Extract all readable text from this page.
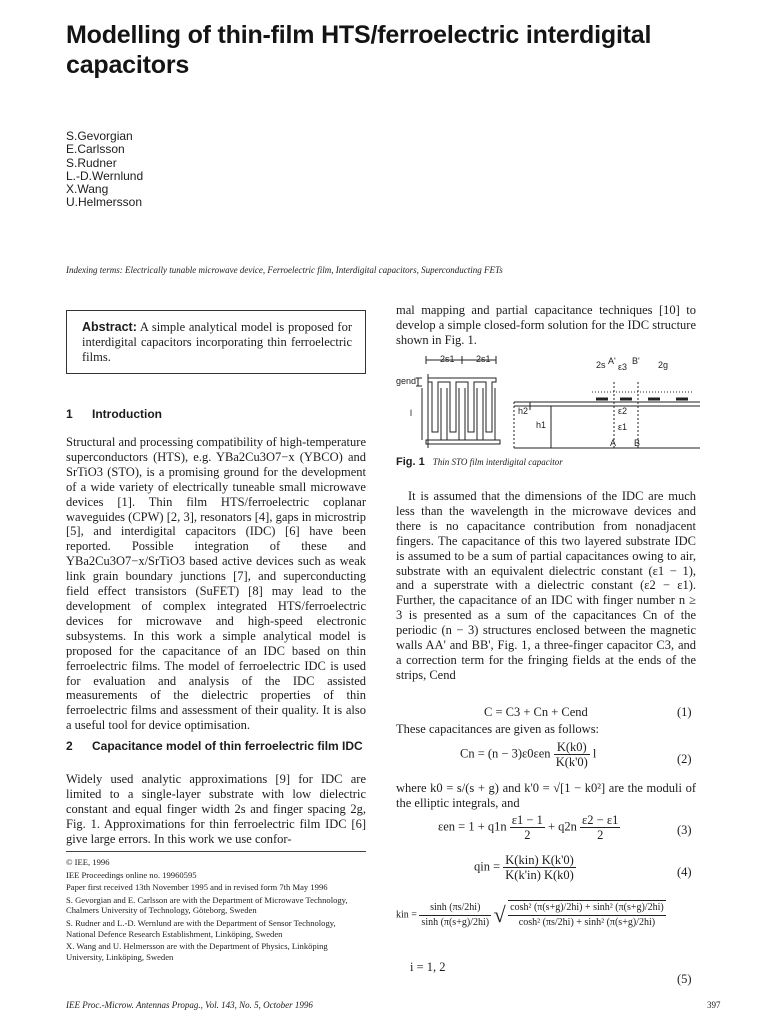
Modelling of thin-film HTS/ferroelectric interdigital
capacitors
S.Gevorgian
E.Carlsson
S.Rudner
L.-D.Wernlund
X.Wang
U.Helmersson
Indexing terms: Electrically tunable microwave device, Ferroelectric film, Interdigital capacitors, Superconducting FETs
Abstract: A simple analytical model is proposed for interdigital capacitors incorporating thin ferroelectric films.
1 Introduction

Structural and processing compatibility of high-temperature superconductors (HTS), e.g. YBa2Cu3O7−x (YBCO) and SrTiO3 (STO), is a promising ground for the development of a wide variety of electrically tuneable small microwave devices [1]. Thin film HTS/ferroelectric coplanar waveguides (CPW) [2, 3], resonators [4], gaps in microstrip [5], and interdigital capacitors (IDC) [6] have been reported. Possible integration of these and YBa2Cu3O7−x/SrTiO3 based active devices such as weak link grain boundary junctions [7], and superconducting field effect transistors (SuFET) [8] may lead to the development of complex integrated HTS/ferroelectric devices for microwave and high-speed electronic subsystems. In this work a simple analytical model is proposed for the capacitance of an IDC based on thin ferroelectric films. The model of ferroelectric IDC is used for evaluation and analysis of the IDC assisted measurements of the dielectric properties of thin ferroelectric films and assessment of their quality. It is also a useful tool for device optimisation.

2 Capacitance model of thin ferroelectric film IDC

Widely used analytic approximations [9] for IDC are limited to a single-layer substrate with low dielectric constant and equal finger width 2s and finger spacing 2g, Fig. 1. Approximations for thin ferroelectric film IDC [6] give large errors. In this work we use confor-

© IEE, 1996
IEE Proceedings online no. 19960595
Paper first received 13th November 1995 and in revised form 7th May 1996
S. Gevorgian and E. Carlsson are with the Department of Microwave Technology, Chalmers University of Technology, Göteborg, Sweden
S. Rudner and L.-D. Wernlund are with the Department of Sensor Technology, National Defence Research Establishment, Linköping, Sweden
X. Wang and U. Helmersson are with the Department of Physics, Linköping University, Linköping, Sweden

mal mapping and partial capacitance techniques [10] to develop a simple closed-form solution for the IDC structure shown in Fig. 1.

2s1 2s1
gend
l
2s A'
ε3
B' 2g
h2
h1
ε2
ε1
A B
Fig. 1 Thin STO film interdigital capacitor

It is assumed that the dimensions of the IDC are much less than the wavelength in the microwave devices and there is no capacitance contribution from nonadjacent fingers. The capacitance of this two layered substrate IDC is assumed to be a sum of partial capacitances owing to air, substrate with an equivalent dielectric constant (ε1 − 1), and a superstrate with a dielectric constant (ε2 − ε1). Further, the capacitance of an IDC with finger number n ≥ 3 is presented as a sum of the capacitances Cn of the periodic (n − 3) structures enclosed between the magnetic walls AA' and BB', Fig. 1, a three-finger capacitor C3, and a correction term for the fringing fields at the ends of the strips, Cend

C = C3 + Cn + Cend	(1)
These capacitances are given as follows:
$Cn = (n - 3)\varepsilon 0\varepsilon en \frac{K(k0)}{K(k'0)}$ l	(2)
where k0 = s/(s + g) and k'0 = √[1 − k0²] are the moduli of the elliptic integrals, and
$\varepsilon en = 1 + q1n \frac{\varepsilon 1 - 1}{2} + q2n \frac{\varepsilon 2 - \varepsilon 1}{2}$	(3)
qin = $\frac{\text{K(kin) K(k'0)}}{K(k'in) K(k0)}$	(4)
kin = $\frac{\sinh (\pi s/2hi)}{\sinh (\pi(s+g)/2hi)}$ √ $\frac{\text{cosh² (π(s+g)/2hi) + sinh² (π(s+g)/2hi)}}{\text{cosh² (πs/2hi) + sinh² (π(s+g)/2hi)}}$
i = 1, 2
(5)
IEE Proc.-Microw. Antennas Propag., Vol. 143, No. 5, October 1996	397
